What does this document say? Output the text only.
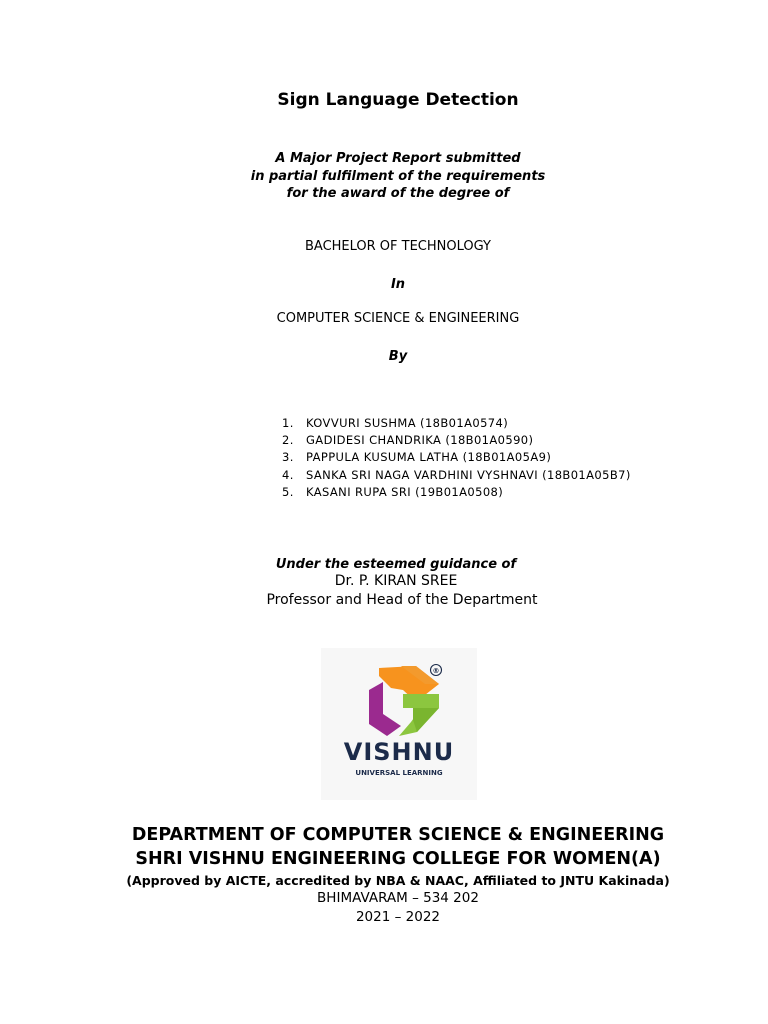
Sign Language Detection
A Major Project Report submitted
in partial fulfilment of the requirements
for the award of the degree of
BACHELOR OF TECHNOLOGY
In
COMPUTER SCIENCE & ENGINEERING
By
1.	KOVVURI SUSHMA (18B01A0574)
2.	GADIDESI CHANDRIKA (18B01A0590)
3.	PAPPULA KUSUMA LATHA (18B01A05A9)
4.	SANKA SRI NAGA VARDHINI VYSHNAVI (18B01A05B7)
5.	KASANI RUPA SRI (19B01A0508)
Under the esteemed guidance of
Dr. P. KIRAN SREE
Professor and Head of the Department
®
VISHNU
UNIVERSAL LEARNING
DEPARTMENT OF COMPUTER SCIENCE & ENGINEERING
SHRI VISHNU ENGINEERING COLLEGE FOR WOMEN(A)
(Approved by AICTE, accredited by NBA & NAAC, Affiliated to JNTU Kakinada)
BHIMAVARAM – 534 202
2021 – 2022
